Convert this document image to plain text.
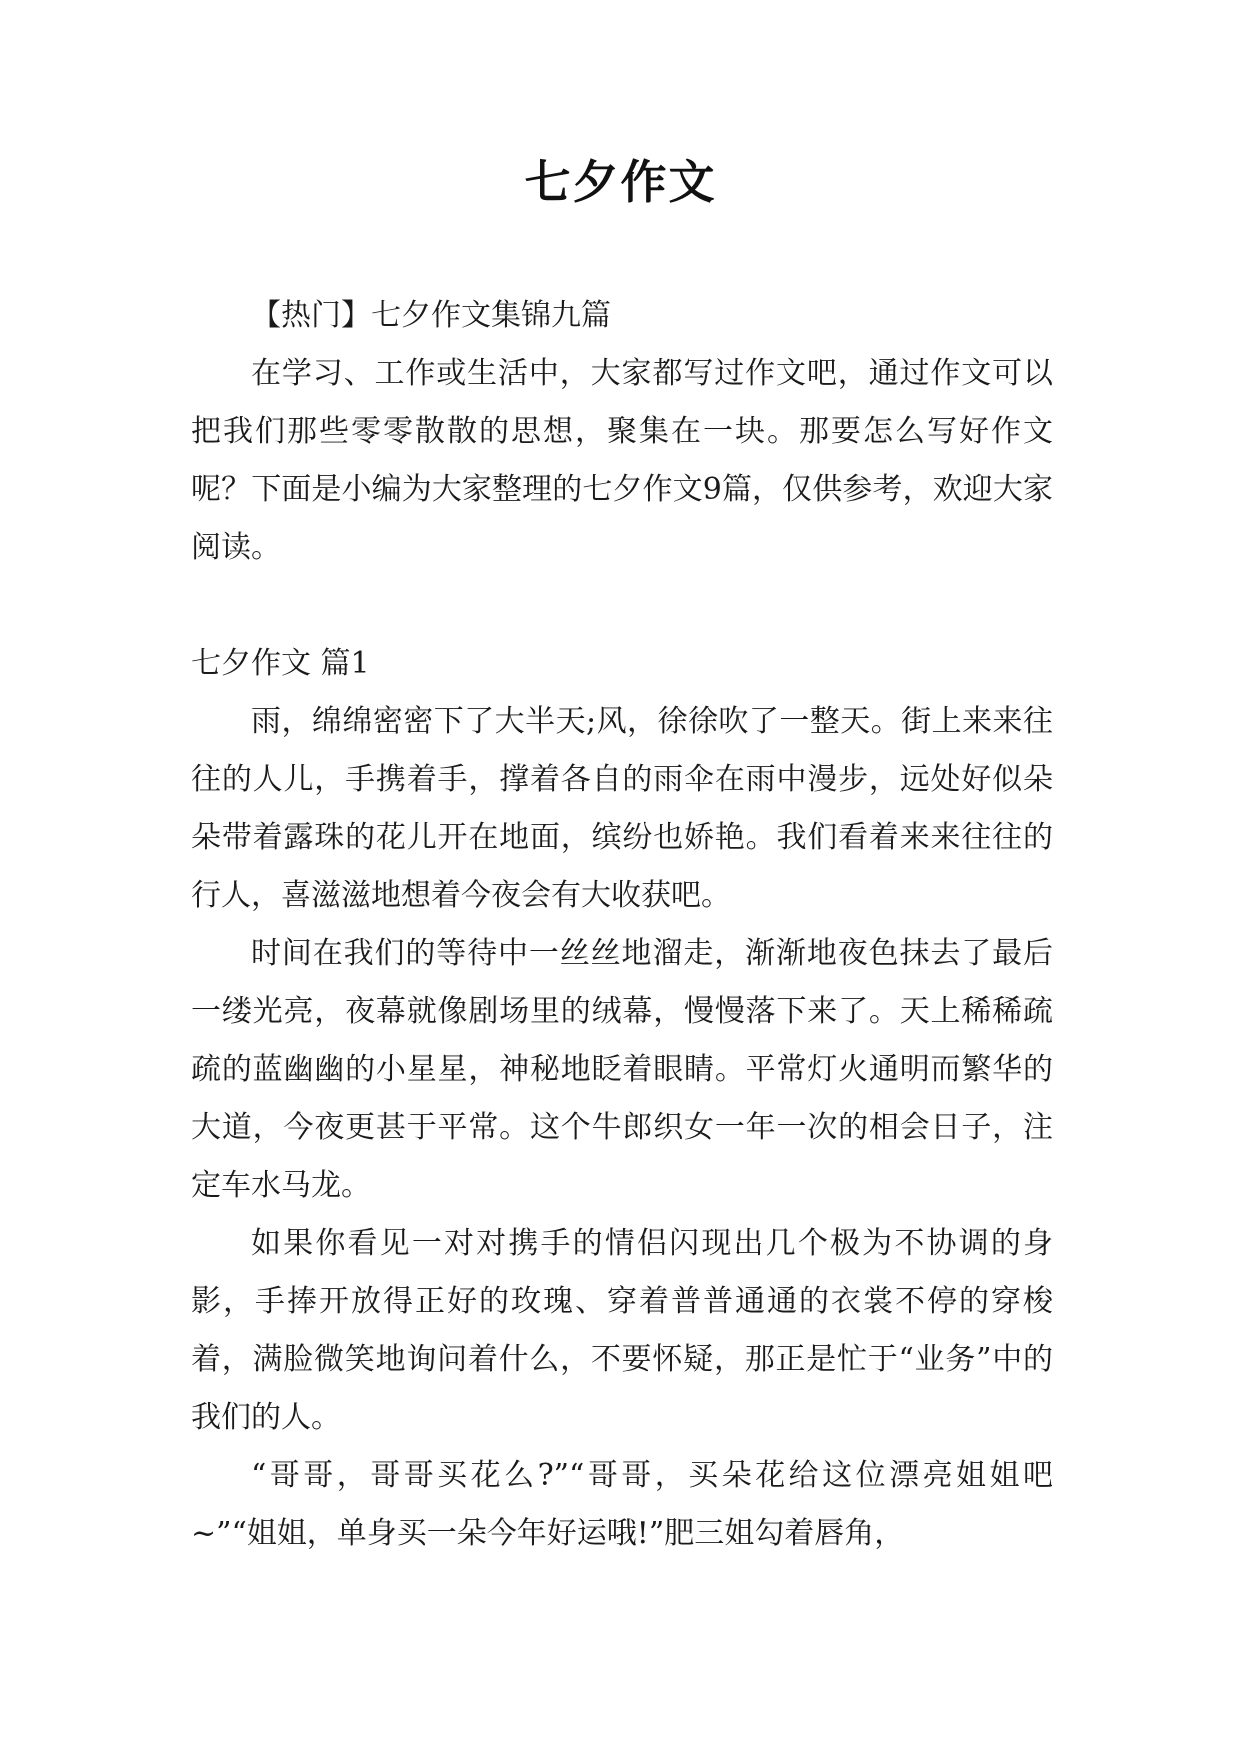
七夕作文

【热门】七夕作文集锦九篇

在学习、工作或生活中，大家都写过作文吧，通过作文可以把我们那些零零散散的思想，聚集在一块。那要怎么写好作文呢？下面是小编为大家整理的七夕作文9篇，仅供参考，欢迎大家阅读。

七夕作文 篇1

雨，绵绵密密下了大半天;风，徐徐吹了一整天。街上来来往往的人儿，手携着手，撑着各自的雨伞在雨中漫步，远处好似朵朵带着露珠的花儿开在地面，缤纷也娇艳。我们看着来来往往的行人，喜滋滋地想着今夜会有大收获吧。

时间在我们的等待中一丝丝地溜走，渐渐地夜色抹去了最后一缕光亮，夜幕就像剧场里的绒幕，慢慢落下来了。天上稀稀疏疏的蓝幽幽的小星星，神秘地眨着眼睛。平常灯火通明而繁华的大道，今夜更甚于平常。这个牛郎织女一年一次的相会日子，注定车水马龙。

如果你看见一对对携手的情侣闪现出几个极为不协调的身影，手捧开放得正好的玫瑰、穿着普普通通的衣裳不停的穿梭着，满脸微笑地询问着什么，不要怀疑，那正是忙于“业务”中的我们的人。

“哥哥，哥哥买花么?”“哥哥，买朵花给这位漂亮姐姐吧~”“姐姐，单身买一朵今年好运哦!”肥三姐勾着唇角，
